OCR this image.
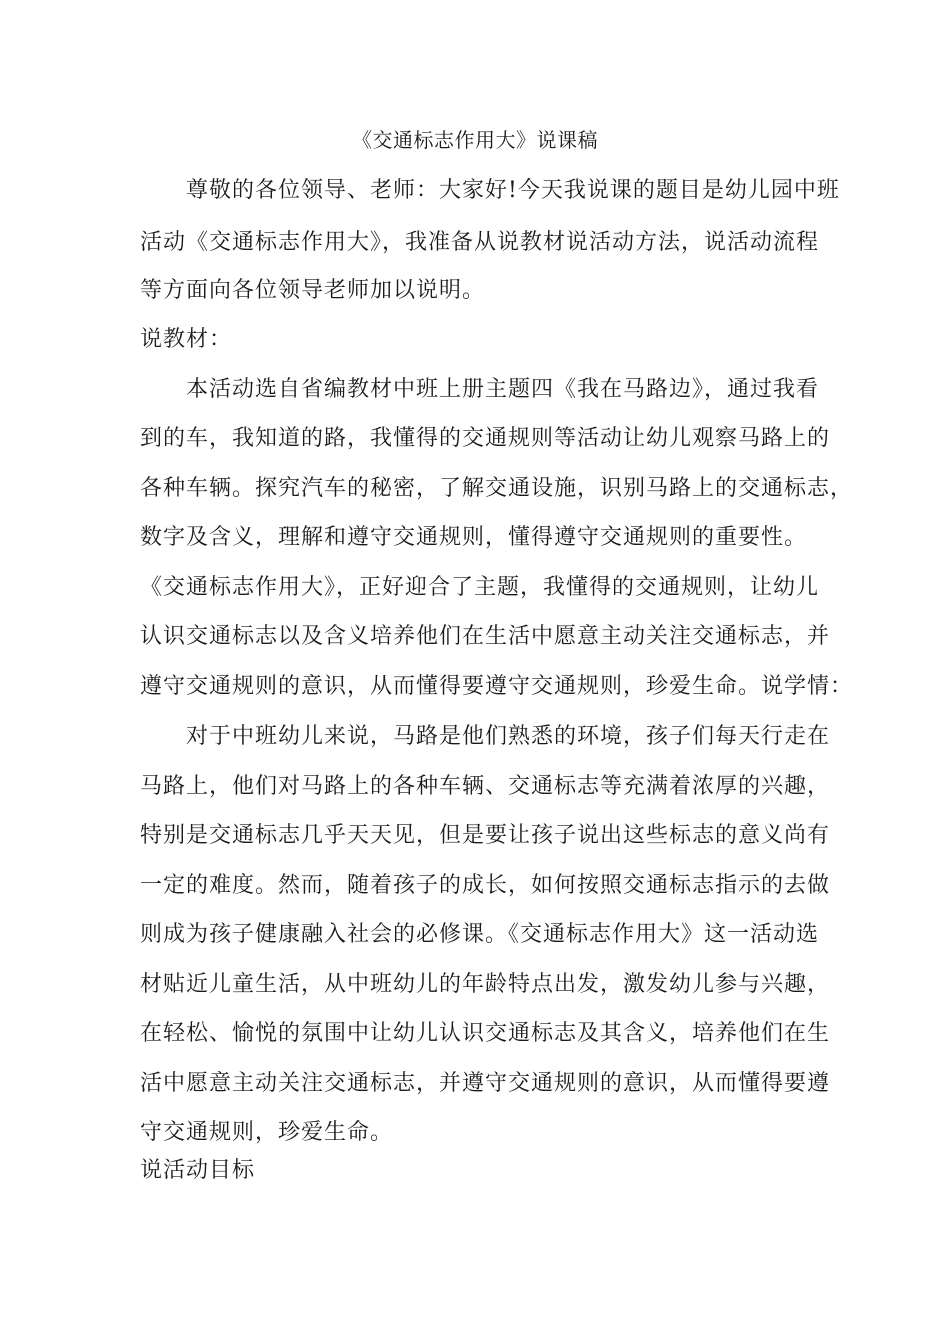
《交通标志作用大》说课稿
尊敬的各位领导、老师：大家好!今天我说课的题目是幼儿园中班
活动《交通标志作用大》，我准备从说教材说活动方法，说活动流程
等方面向各位领导老师加以说明。
说教材：
本活动选自省编教材中班上册主题四《我在马路边》，通过我看
到的车，我知道的路，我懂得的交通规则等活动让幼儿观察马路上的
各种车辆。探究汽车的秘密，了解交通设施，识别马路上的交通标志，
数字及含义，理解和遵守交通规则，懂得遵守交通规则的重要性。
《交通标志作用大》，正好迎合了主题，我懂得的交通规则，让幼儿
认识交通标志以及含义培养他们在生活中愿意主动关注交通标志，并
遵守交通规则的意识，从而懂得要遵守交通规则，珍爱生命。说学情：
对于中班幼儿来说，马路是他们熟悉的环境，孩子们每天行走在
马路上，他们对马路上的各种车辆、交通标志等充满着浓厚的兴趣，
特别是交通标志几乎天天见，但是要让孩子说出这些标志的意义尚有
一定的难度。然而，随着孩子的成长，如何按照交通标志指示的去做
则成为孩子健康融入社会的必修课。《交通标志作用大》这一活动选
材贴近儿童生活，从中班幼儿的年龄特点出发，激发幼儿参与兴趣，
在轻松、愉悦的氛围中让幼儿认识交通标志及其含义，培养他们在生
活中愿意主动关注交通标志，并遵守交通规则的意识，从而懂得要遵
守交通规则，珍爱生命。
说活动目标
